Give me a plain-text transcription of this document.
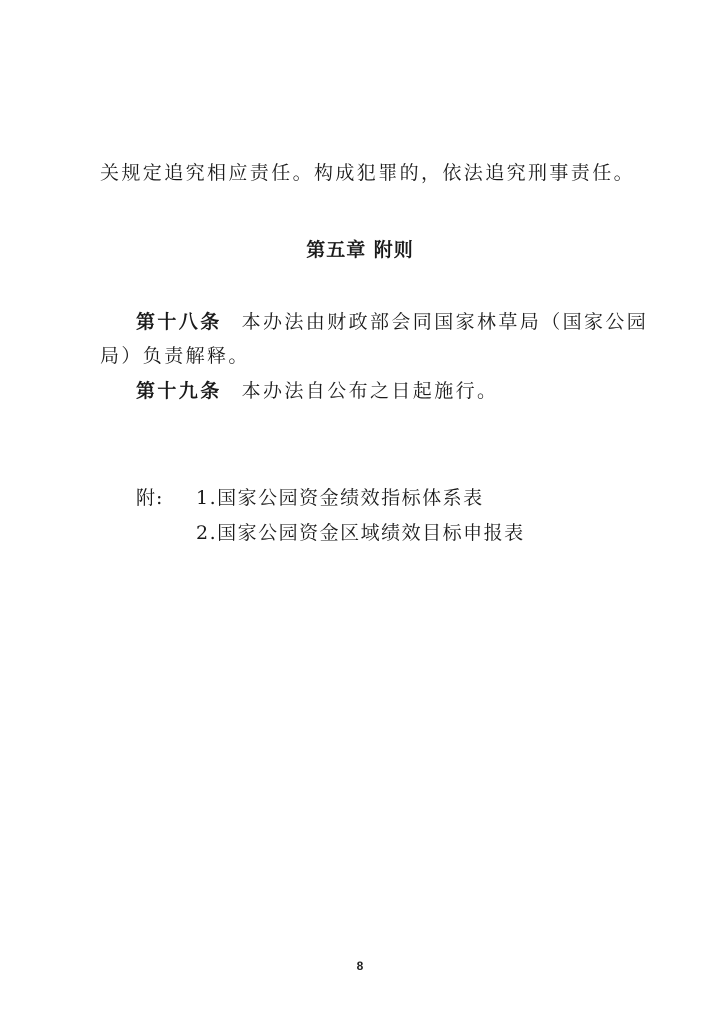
关规定追究相应责任。构成犯罪的，依法追究刑事责任。
第五章 附则
第十八条 本办法由财政部会同国家林草局（国家公园
局）负责解释。
第十九条 本办法自公布之日起施行。
附: 1.国家公园资金绩效指标体系表
2.国家公园资金区域绩效目标申报表
8
